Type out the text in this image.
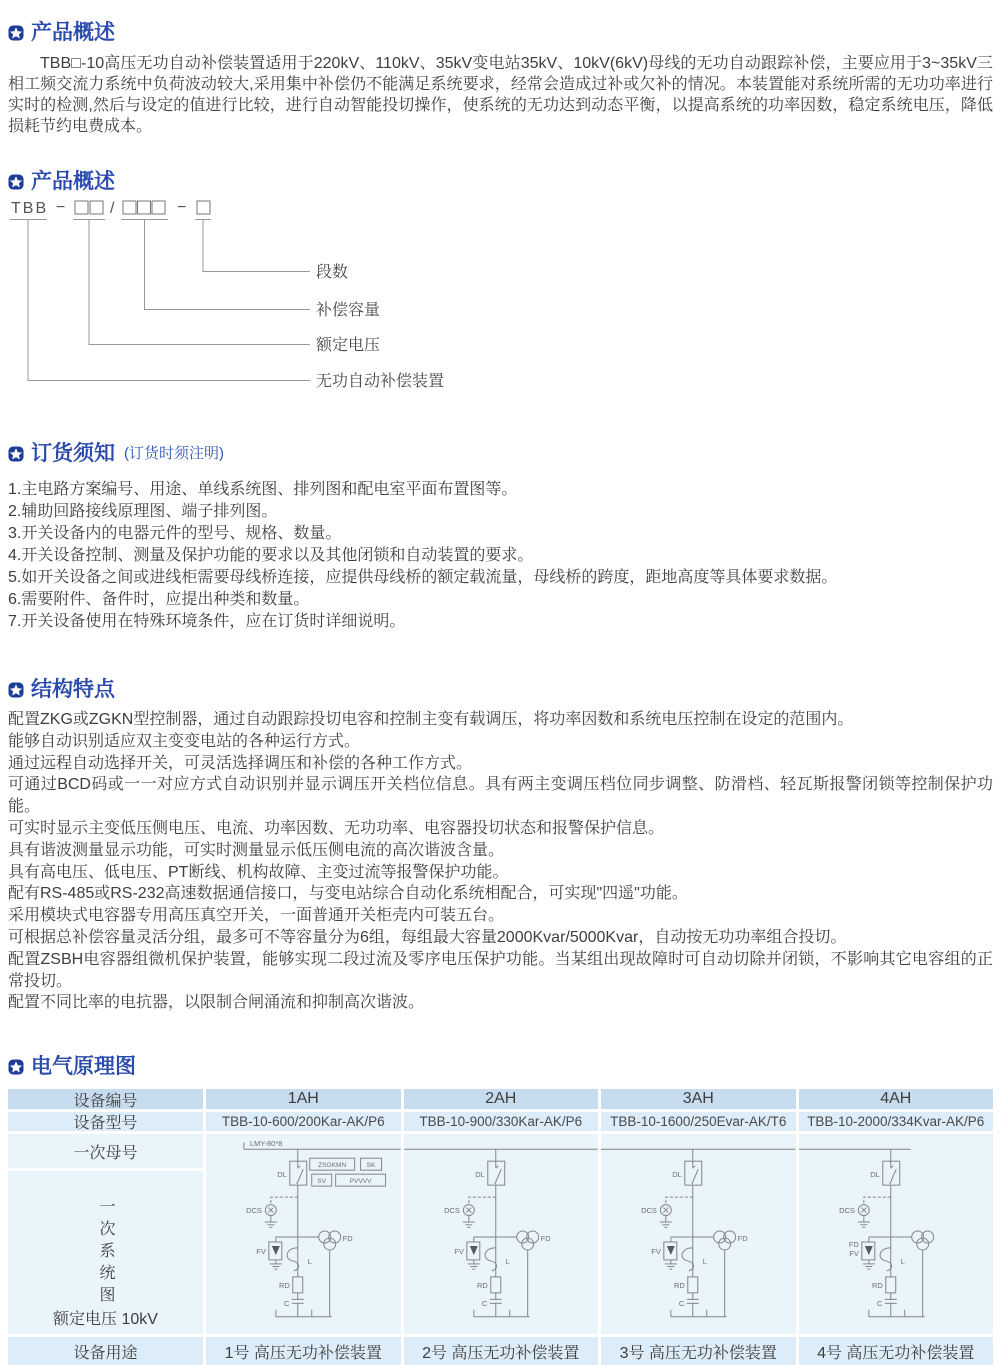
产品概述

TBB□-10高压无功自动补偿装置适用于220kV、110kV、35kV变电站35kV、10kV(6kV)母线的无功自动跟踪补偿，主要应用于3~35kV三相工频交流力系统中负荷波动较大,采用集中补偿仍不能满足系统要求，经常会造成过补或欠补的情况。本装置能对系统所需的无功功率进行实时的检测,然后与设定的值进行比较，进行自动智能投切操作，使系统的无功达到动态平衡，以提高系统的功率因数，稳定系统电压，降低损耗节约电费成本。

产品概述
TBB −	/	−
段数
补偿容量
额定电压
无功自动补偿装置
订货须知 (订货时须注明)

1.主电路方案编号、用途、单线系统图、排列图和配电室平面布置图等。

2.辅助回路接线原理图、端子排列图。

3.开关设备内的电器元件的型号、规格、数量。

4.开关设备控制、测量及保护功能的要求以及其他闭锁和自动装置的要求。

5.如开关设备之间或进线柜需要母线桥连接，应提供母线桥的额定载流量，母线桥的跨度，距地高度等具体要求数据。

6.需要附件、备件时，应提出种类和数量。

7.开关设备使用在特殊环境条件，应在订货时详细说明。

结构特点

配置ZKG或ZGKN型控制器，通过自动跟踪投切电容和控制主变有载调压，将功率因数和系统电压控制在设定的范围内。

能够自动识别适应双主变变电站的各种运行方式。

通过远程自动选择开关，可灵活选择调压和补偿的各种工作方式。

可通过BCD码或一一对应方式自动识别并显示调压开关档位信息。具有两主变调压档位同步调整、防滑档、轻瓦斯报警闭锁等控制保护功能。

可实时显示主变低压侧电压、电流、功率因数、无功功率、电容器投切状态和报警保护信息。

具有谐波测量显示功能，可实时测量显示低压侧电流的高次谐波含量。

具有高电压、低电压、PT断线、机构故障、主变过流等报警保护功能。

配有RS-485或RS-232高速数据通信接口，与变电站综合自动化系统相配合，可实现"四遥"功能。

采用模块式电容器专用高压真空开关，一面普通开关柜壳内可装五台。

可根据总补偿容量灵活分组，最多可不等容量分为6组，每组最大容量2000Kvar/5000Kvar，自动按无功功率组合投切。

配置ZSBH电容器组微机保护装置，能够实现二段过流及零序电压保护功能。当某组出现故障时可自动切除并闭锁，不影响其它电容组的正常投切。

配置不同比率的电抗器，以限制合闸涌流和抑制高次谐波。

电气原理图
设备编号	1AH	2AH	3AH	4AH
设备型号	TBB-10-600/200Kar-AK/P6	TBB-10-900/330Kar-AK/P6	TBB-10-1600/250Evar-AK/T6	TBB-10-2000/334Kvar-AK/P6
一次母号
一次系统图
额定电压 10kV
LMY-80*8
DL
ZSGKMN	SK
SV	PVVVV
DCS
FV
FD
L
RD
C
DL
DCS
FV
FD
L
RD
C
DL
DCS
FV
FD
L
RD
C
DL
DCS
FD
FV
L
RD
C
设备用途	1号 高压无功补偿装置	2号 高压无功补偿装置	3号 高压无功补偿装置	4号 高压无功补偿装置
